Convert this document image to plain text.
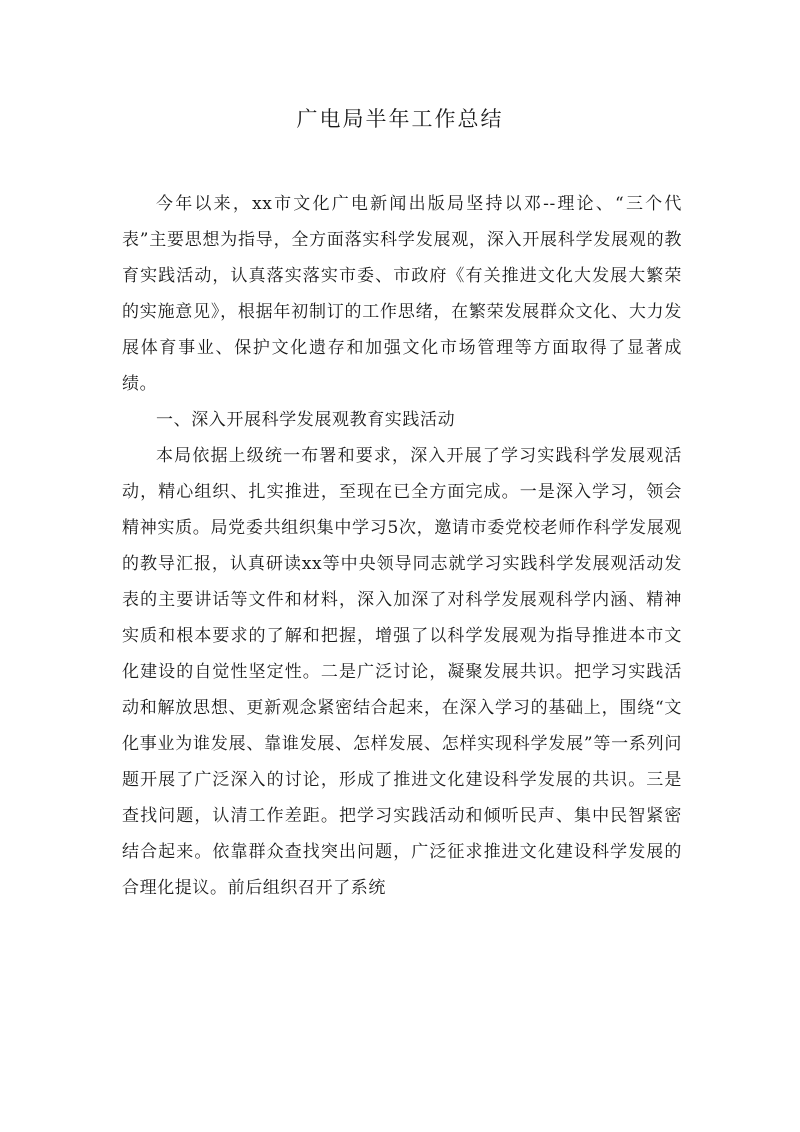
广电局半年工作总结

今年以来，xx市文化广电新闻出版局坚持以邓--理论、“三个代表”主要思想为指导，全方面落实科学发展观，深入开展科学发展观的教育实践活动，认真落实落实市委、市政府《有关推进文化大发展大繁荣的实施意见》，根据年初制订的工作思绪，在繁荣发展群众文化、大力发展体育事业、保护文化遗存和加强文化市场管理等方面取得了显著成绩。

一、深入开展科学发展观教育实践活动

本局依据上级统一布署和要求，深入开展了学习实践科学发展观活动，精心组织、扎实推进，至现在已全方面完成。一是深入学习，领会精神实质。局党委共组织集中学习5次，邀请市委党校老师作科学发展观的教导汇报，认真研读xx等中央领导同志就学习实践科学发展观活动发表的主要讲话等文件和材料，深入加深了对科学发展观科学内涵、精神实质和根本要求的了解和把握，增强了以科学发展观为指导推进本市文化建设的自觉性坚定性。二是广泛讨论，凝聚发展共识。把学习实践活动和解放思想、更新观念紧密结合起来，在深入学习的基础上，围绕“文化事业为谁发展、靠谁发展、怎样发展、怎样实现科学发展”等一系列问题开展了广泛深入的讨论，形成了推进文化建设科学发展的共识。三是查找问题，认清工作差距。把学习实践活动和倾听民声、集中民智紧密结合起来。依靠群众查找突出问题，广泛征求推进文化建设科学发展的合理化提议。前后组织召开了系统
